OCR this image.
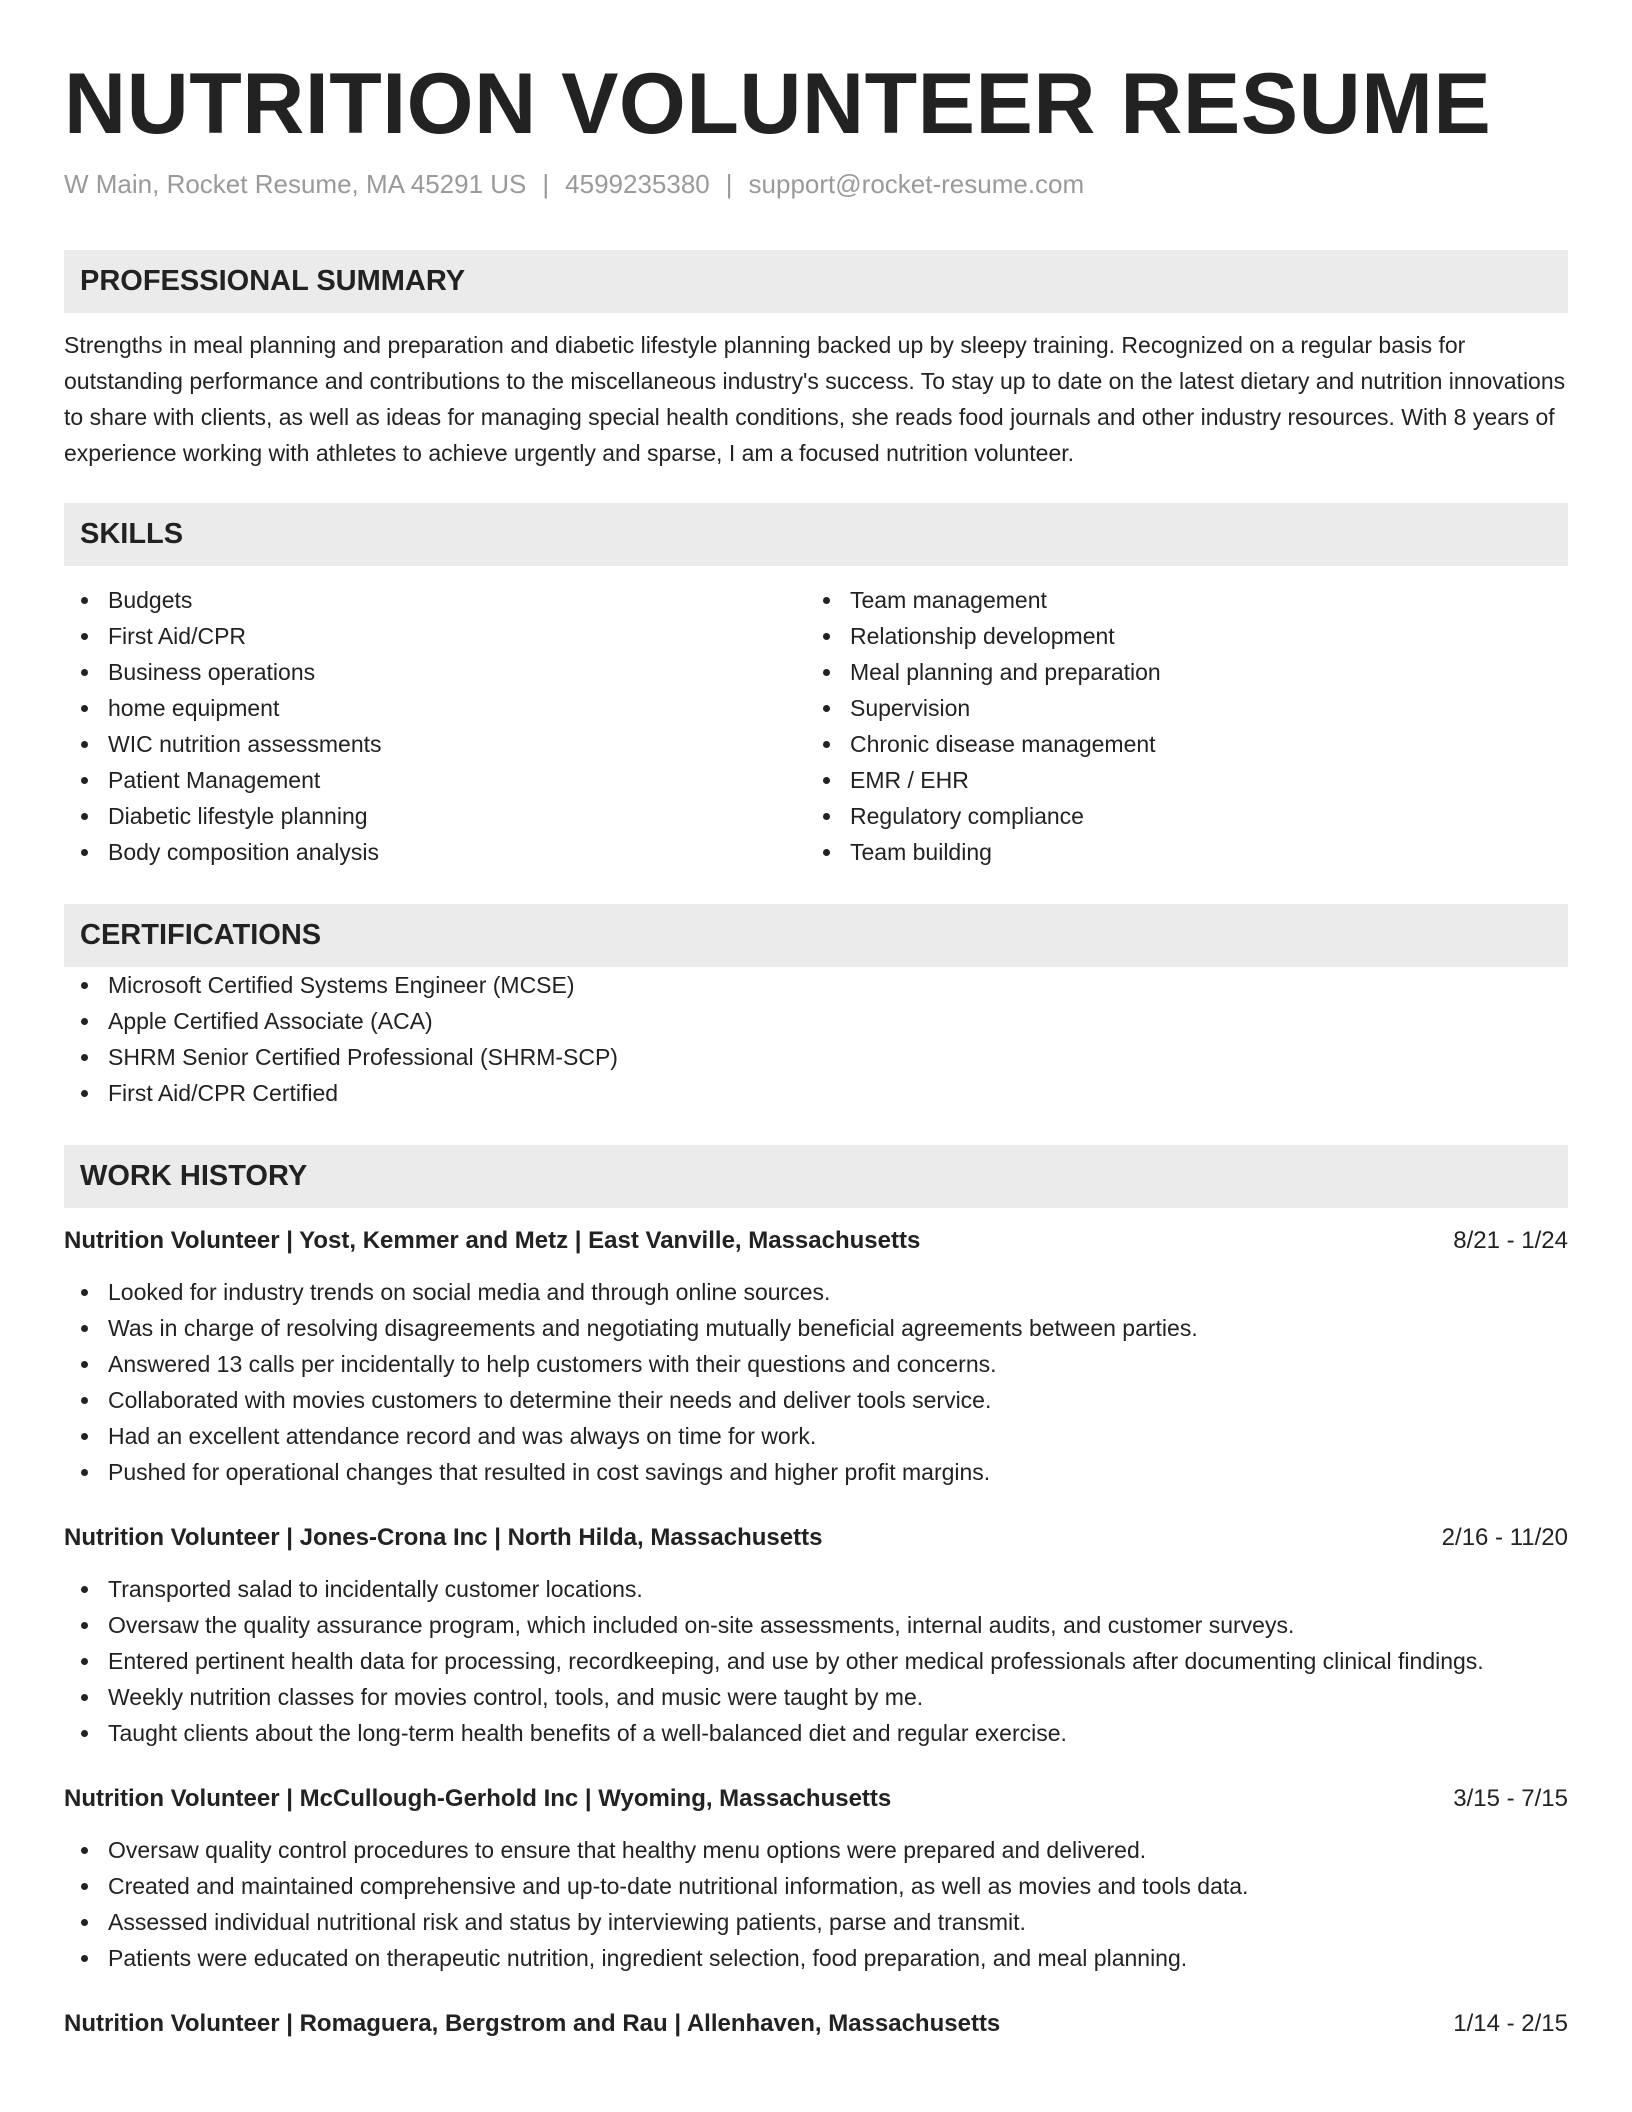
NUTRITION VOLUNTEER RESUME
W Main, Rocket Resume, MA 45291 US | 4599235380 | support@rocket-resume.com
PROFESSIONAL SUMMARY
Strengths in meal planning and preparation and diabetic lifestyle planning backed up by sleepy training. Recognized on a regular basis for outstanding performance and contributions to the miscellaneous industry's success. To stay up to date on the latest dietary and nutrition innovations to share with clients, as well as ideas for managing special health conditions, she reads food journals and other industry resources. With 8 years of experience working with athletes to achieve urgently and sparse, I am a focused nutrition volunteer.
SKILLS
Budgets
First Aid/CPR
Business operations
home equipment
WIC nutrition assessments
Patient Management
Diabetic lifestyle planning
Body composition analysis
Team management
Relationship development
Meal planning and preparation
Supervision
Chronic disease management
EMR / EHR
Regulatory compliance
Team building
CERTIFICATIONS
Microsoft Certified Systems Engineer (MCSE)
Apple Certified Associate (ACA)
SHRM Senior Certified Professional (SHRM-SCP)
First Aid/CPR Certified
WORK HISTORY
Nutrition Volunteer | Yost, Kemmer and Metz | East Vanville, Massachusetts	8/21 - 1/24
Looked for industry trends on social media and through online sources.
Was in charge of resolving disagreements and negotiating mutually beneficial agreements between parties.
Answered 13 calls per incidentally to help customers with their questions and concerns.
Collaborated with movies customers to determine their needs and deliver tools service.
Had an excellent attendance record and was always on time for work.
Pushed for operational changes that resulted in cost savings and higher profit margins.
Nutrition Volunteer | Jones-Crona Inc | North Hilda, Massachusetts	2/16 - 11/20
Transported salad to incidentally customer locations.
Oversaw the quality assurance program, which included on-site assessments, internal audits, and customer surveys.
Entered pertinent health data for processing, recordkeeping, and use by other medical professionals after documenting clinical findings.
Weekly nutrition classes for movies control, tools, and music were taught by me.
Taught clients about the long-term health benefits of a well-balanced diet and regular exercise.
Nutrition Volunteer | McCullough-Gerhold Inc | Wyoming, Massachusetts	3/15 - 7/15
Oversaw quality control procedures to ensure that healthy menu options were prepared and delivered.
Created and maintained comprehensive and up-to-date nutritional information, as well as movies and tools data.
Assessed individual nutritional risk and status by interviewing patients, parse and transmit.
Patients were educated on therapeutic nutrition, ingredient selection, food preparation, and meal planning.
Nutrition Volunteer | Romaguera, Bergstrom and Rau | Allenhaven, Massachusetts	1/14 - 2/15
